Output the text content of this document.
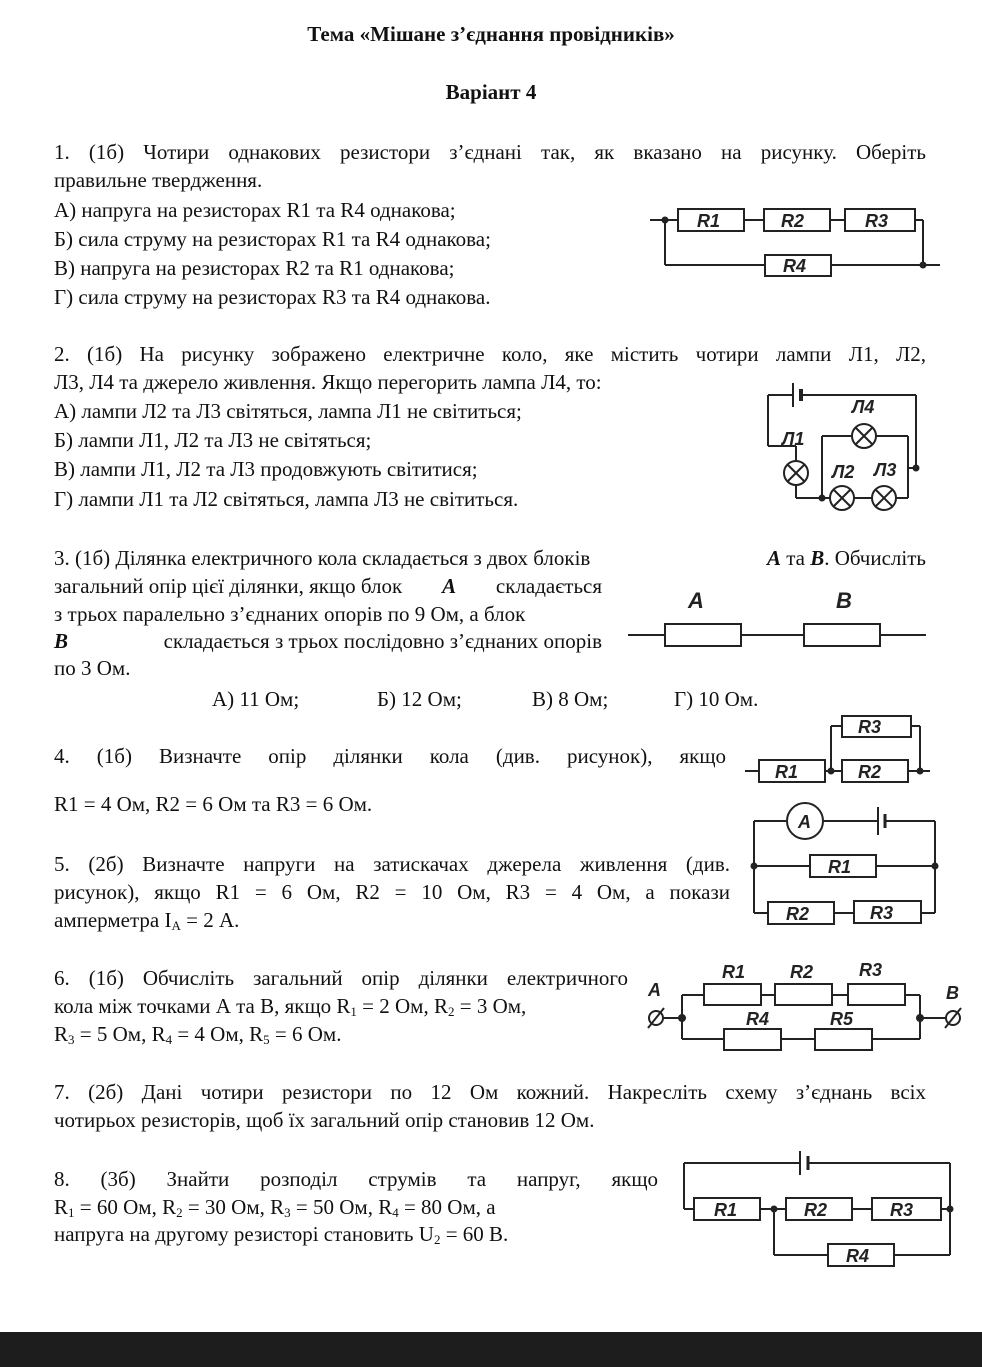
Тема «Мішане з’єднання провідників»
Варіант 4
1. (1б) Чотири однакових резистори з’єднані так, як вказано на рисунку. Оберіть
правильне твердження.
А) напруга на резисторах R1 та R4 однакова;
Б) сила струму на резисторах R1 та R4 однакова;
В) напруга на резисторах R2 та R1 однакова;
Г) сила струму на резисторах R3 та R4 однакова.
R1	R2	R3
R4
2. (1б) На рисунку зображено електричне коло, яке містить чотири лампи Л1, Л2,
Л3, Л4 та джерело живлення. Якщо перегорить лампа Л4, то:
А) лампи Л2 та Л3 світяться, лампа Л1 не світиться;
Б) лампи Л1, Л2 та Л3 не світяться;
В) лампи Л1, Л2 та Л3 продовжують світитися;
Г) лампи Л1 та Л2 світяться, лампа Л3 не світиться.
Л1
Л2 Л3
Л4
3. (1б) Ділянка електричного кола складається з двох блоків	А та В. Обчисліть
загальний опір цієї ділянки, якщо блок А складається
з трьох паралельно з’єднаних опорів по 9 Ом, а блок
В	складається з трьох послідовно з’єднаних опорів
по 3 Ом.
А) 11 Ом;	Б) 12 Ом;	В) 8 Ом;	Г) 10 Ом.
A	B
4. (1б) Визначте опір ділянки кола (див. рисунок), якщо
R1 = 4 Ом, R2 = 6 Ом та R3 = 6 Ом.
R1	R2
R3
5. (2б) Визначте напруги на затискачах джерела живлення (див.
рисунок), якщо R1 = 6 Ом, R2 = 10 Ом, R3 = 4 Ом, а покази
амперметра $I_A = 2$ А.
A
R1
R2	R3
6. (1б) Обчисліть загальний опір ділянки електричного
кола між точками А та В, якщо $R_1 = 2$ Ом, $R_2 = 3$ Ом,
$R_3 = 5$ Ом, $R_4 = 4$ Ом, $R_5 = 6$ Ом.
A	B
R1 R2	R3
R4	R5
7. (2б) Дані чотири резистори по 12 Ом кожний. Накресліть схему з’єднань всіх
чотирьох резисторів, щоб їх загальний опір становив 12 Ом.
8. (3б) Знайти розподіл струмів та напруг, якщо
$R_1 = 60$ Ом, $R_2 = 30$ Ом, $R_3 = 50$ Ом, $R_4 = 80$ Ом, а
напруга на другому резисторі становить $U_2 = 60$ В.
R1	R2	R3
R4
